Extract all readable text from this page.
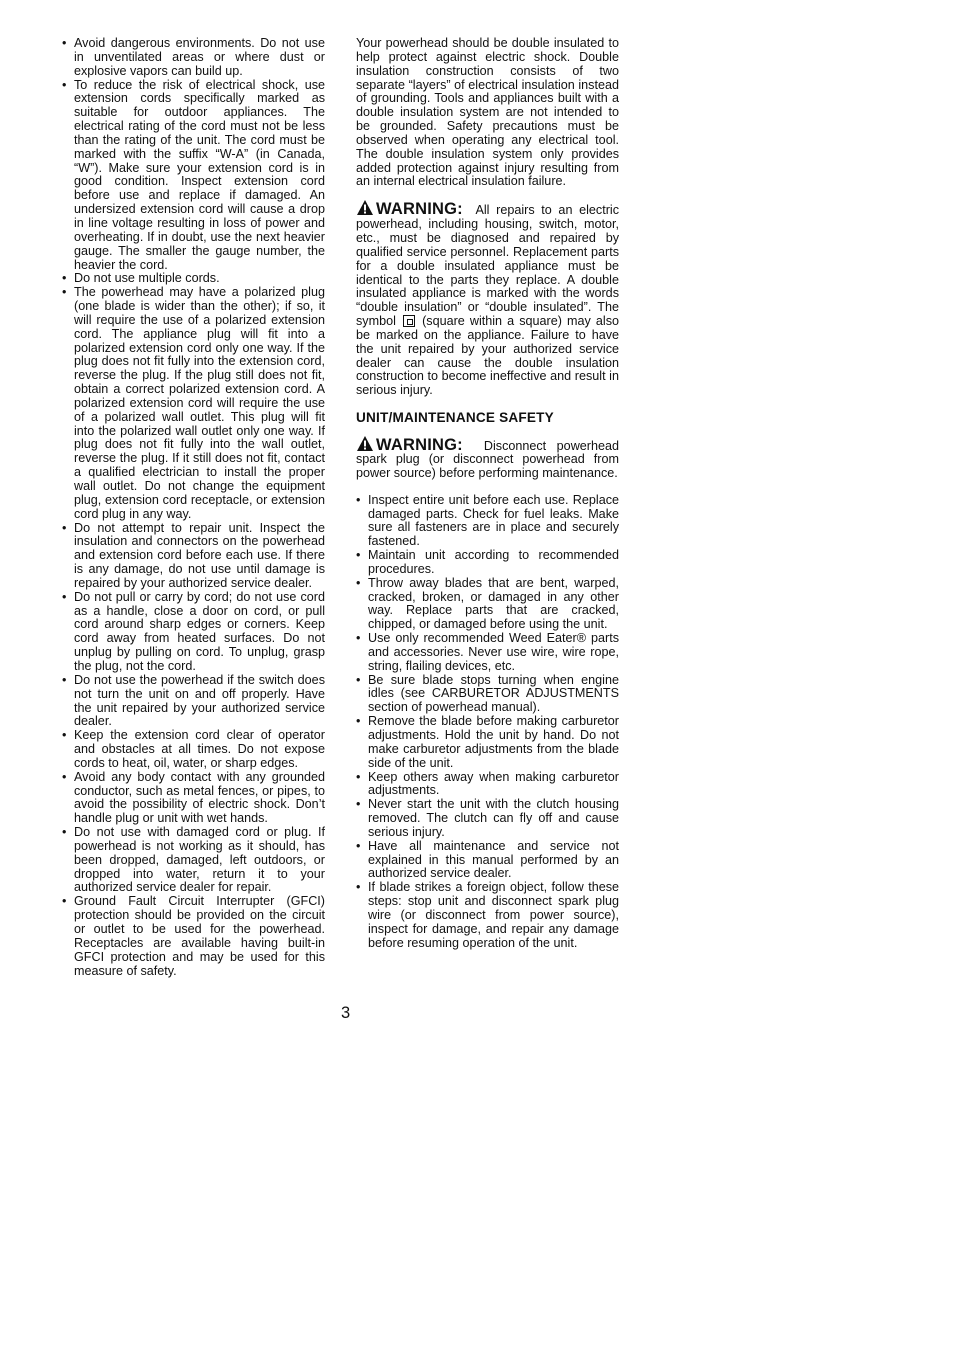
• Avoid dangerous environments. Do not use in unventilated areas or where dust or explosive vapors can build up.

• To reduce the risk of electrical shock, use extension cords specifically marked as suitable for outdoor appliances. The electrical rating of the cord must not be less than the rating of the unit. The cord must be marked with the suffix “W-A” (in Canada, “W”). Make sure your extension cord is in good condition. Inspect extension cord before use and replace if damaged. An undersized extension cord will cause a drop in line voltage resulting in loss of power and overheating. If in doubt, use the next heavier gauge. The smaller the gauge number, the heavier the cord.

• Do not use multiple cords.

• The powerhead may have a polarized plug (one blade is wider than the other); if so, it will require the use of a polarized extension cord. The appliance plug will fit into a polarized extension cord only one way. If the plug does not fit fully into the extension cord, reverse the plug. If the plug still does not fit, obtain a correct polarized extension cord. A polarized extension cord will require the use of a polarized wall outlet. This plug will fit into the polarized wall outlet only one way. If plug does not fit fully into the wall outlet, reverse the plug. If it still does not fit, contact a qualified electrician to install the proper wall outlet. Do not change the equipment plug, extension cord receptacle, or extension cord plug in any way.

• Do not attempt to repair unit. Inspect the insulation and connectors on the powerhead and extension cord before each use. If there is any damage, do not use until damage is repaired by your authorized service dealer.

• Do not pull or carry by cord; do not use cord as a handle, close a door on cord, or pull cord around sharp edges or corners. Keep cord away from heated surfaces. Do not unplug by pulling on cord. To unplug, grasp the plug, not the cord.

• Do not use the powerhead if the switch does not turn the unit on and off properly. Have the unit repaired by your authorized service dealer.

• Keep the extension cord clear of operator and obstacles at all times. Do not expose cords to heat, oil, water, or sharp edges.

• Avoid any body contact with any grounded conductor, such as metal fences, or pipes, to avoid the possibility of electric shock. Don’t handle plug or unit with wet hands.

• Do not use with damaged cord or plug. If powerhead is not working as it should, has been dropped, damaged, left outdoors, or dropped into water, return it to your authorized service dealer for repair.

• Ground Fault Circuit Interrupter (GFCI) protection should be provided on the circuit or outlet to be used for the powerhead. Receptacles are available having built-in GFCI protection and may be used for this measure of safety.

Your powerhead should be double insulated to help protect against electric shock. Double insulation construction consists of two separate “layers” of electrical insulation instead of grounding. Tools and appliances built with a double insulation system are not intended to be grounded. Safety precautions must be observed when operating any electrical tool. The double insulation system only provides added protection against injury resulting from an internal electrical insulation failure.

WARNING: All repairs to an electric powerhead, including housing, switch, motor, etc., must be diagnosed and repaired by qualified service personnel. Replacement parts for a double insulated appliance must be identical to the parts they replace. A double insulated appliance is marked with the words “double insulation” or “double insulated”. The symbol (square within a square) may also be marked on the appliance. Failure to have the unit repaired by your authorized service dealer can cause the double insulation construction to become ineffective and result in serious injury.

UNIT/MAINTENANCE SAFETY

WARNING: Disconnect powerhead spark plug (or disconnect powerhead from power source) before performing maintenance.

• Inspect entire unit before each use. Replace damaged parts. Check for fuel leaks. Make sure all fasteners are in place and securely fastened.

• Maintain unit according to recommended procedures.

• Throw away blades that are bent, warped, cracked, broken, or damaged in any other way. Replace parts that are cracked, chipped, or damaged before using the unit.

• Use only recommended Weed Eater® parts and accessories. Never use wire, wire rope, string, flailing devices, etc.

• Be sure blade stops turning when engine idles (see CARBURETOR ADJUSTMENTS section of powerhead manual).

• Remove the blade before making carburetor adjustments. Hold the unit by hand. Do not make carburetor adjustments from the blade side of the unit.

• Keep others away when making carburetor adjustments.

• Never start the unit with the clutch housing removed. The clutch can fly off and cause serious injury.

• Have all maintenance and service not explained in this manual performed by an authorized service dealer.

• If blade strikes a foreign object, follow these steps: stop unit and disconnect spark plug wire (or disconnect from power source), inspect for damage, and repair any damage before resuming operation of the unit.

3
